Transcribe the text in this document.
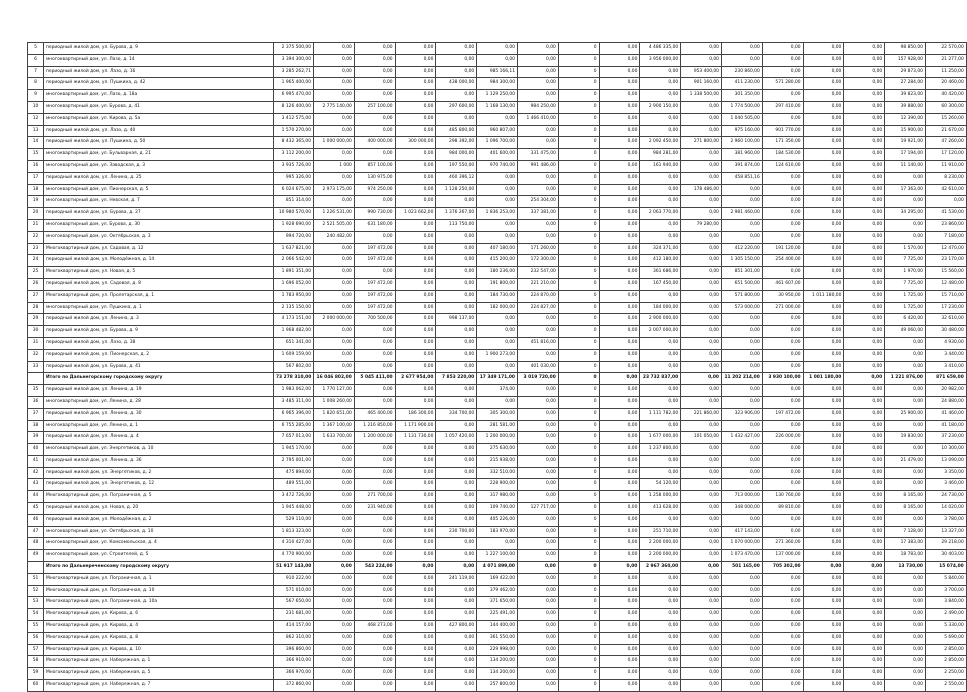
5	периодный жилой дом, ул. Бурова, д. 9	2 375 500,00	0,00	0,00	0,00	0,00	0,00	0,00	0	0,00	4 486 335,00	0,00	0,00	0,00	0,00	0,00	98 850,00	22 570,00
6	многоквартирный дом, ул. Лазо, д. 14	3 394 300,00	0,00	0,00	0,00	0,00	0,00	0,00	0	0,00	3 956 000,00	0,00	0,00	0,00	0,00	0,00	157 928,00	21 277,00
7	периодный жилой дом, ул. Лазо, д. 16	3 285 262,71	0,00	0,00	0,00	0,00	985 166,11	0,00	0	0,00	0,00	953 400,00	230 860,00	0,00	0,00	0,00	29 873,00	11 250,00
8	периодный жилой дом, ул. Пушкина, д. 42	1 965 400,00	0,00	0,00	0,00	438 000,00	984 300,00	0,00	0	0,00	0,00	901 160,00	411 230,00	571 280,00	0,00	0,00	27 284,00	20 460,00
9	многоквартирный дом, ул. Лазо, д. 18а	6 995 470,00	0,00	0,00	0,00	0,00	1 129 250,00	0,00	0	0,00	0,00	1 338 500,00	301 350,00	0,00	0,00	0,00	39 823,00	40 420,00
10	многоквартирный дом, ул. Бурова, д. 41	8 126 400,00	2 775 140,00	257 100,00	0,00	297 600,00	1 168 130,00	984 250,00	0	0,00	2 900 150,00	0,00	1 774 500,00	297 410,00	0,00	0,00	39 880,00	60 300,00
12	многоквартирный дом, ул. Кирова, д. 5а	3 412 575,00	0,00	0,00	0,00	0,00	0,00	1 466 410,00	0	0,00	0,00	0,00	1 040 505,00	0,00	0,00	0,00	12 390,00	15 260,00
13	периодный жилой дом, ул. Лазо, д. 40	1 570 270,00	0,00	0,00	0,00	485 800,00	960 807,00	0,00	0	0,00	0,00	0,00	975 160,00	901 770,00	0,00	0,00	15 900,00	21 670,00
14	периодный жилой дом, ул. Пушкина, д. 50	8 432 365,00	1 000 000,00	400 000,00	300 000,00	298 392,00	1 096 700,00	0,00	0	0,00	2 092 450,00	271 800,00	2 960 100,00	171 350,00	0,00	0,00	19 921,00	47 260,00
15	многоквартирный дом, ул. Бульварная, д. 21	3 112 200,00	0,00	0,00	0,00	984 000,00	401 600,00	331 475,00	0	0,00	984 281,00	0,00	381 960,00	184 530,00	0,00	0,00	17 194,00	17 120,00
16	многоквартирный дом, ул. Заводская, д. 3	3 935 726,00	1 000	857 100,00	0,00	197 550,00	970 740,00	991 486,00	0	0,00	161 940,00	0,00	391 874,00	124 610,00	0,00	0,00	11 140,00	11 910,00
17	периодный жилой дом, ул. Ленина, д. 25	995 326,00	0,00	130 975,00	0,00	460 396,12	0,00	0,00	0	0,00	0,00	0,00	458 851,16	0,00	0,00	0,00	0,00	8 230,00
18	многоквартирный дом, ул. Пионерская, д. 5	6 024 675,00	2 973 175,00	974 250,00	0,00	1 128 250,00	0,00	0,00	0	0,00	0,00	178 486,00	0,00	0,00	0,00	0,00	17 363,00	42 610,00
19	многоквартирный дом, ул. Невская, д. 7	851 314,00	0,00	0,00	0,00	0,00	0,00	254 304,00	0	0,00	0,00	0,00	0,00	0,00	0,00	0,00	0,00	0,00
20	периодный жилой дом, ул. Бурова, д. 27	10 980 570,00	1 226 531,00	990 730,00	1 023 662,00	1 376 267,00	1 836 253,00	337 381,00	0	0,00	2 063 770,00	0,00	2 981 460,00	0,00	0,00	0,00	34 295,00	41 530,00
21	многоквартирный дом, ул. Бурова, д. 30	1 928 690,00	2 521 505,00	631 180,00	0,00	113 750,00	0,00	0,00	0	0,00	0,00	79 280,00	0,00	0,00	0,00	0,00	0,00	23 860,00
22	многоквартирный дом, ул. Октябрьская, д. 3	994 720,00	240 482,00	0,00	0,00	0,00	0,00	0,00	0	0,00	0,00	0,00	0,00	0,00	0,00	0,00	0,00	7 180,00
23	Многоквартирный дом, ул. Садовая, д. 12	1 637 821,00	0,00	197 472,00	0,00	0,00	407 180,00	171 260,00	0	0,00	324 371,00	0,00	412 220,00	191 120,00	0,00	0,00	1 570,00	12 470,00
24	периодный жилой дом, ул. Молодёжная, д. 14	2 066 542,00	0,00	197 472,00	0,00	0,00	415 200,00	172 300,00	0	0,00	412 180,00	0,00	1 305 150,00	254 400,00	0,00	0,00	7 725,00	23 170,00
25	Многоквартирный дом, ул. Новая, д. 5	1 891 351,00	0,00	0,00	0,00	0,00	180 236,00	232 547,00	0	0,00	361 686,00	0,00	851 301,00	0,00	0,00	0,00	1 970,00	15 560,00
26	периодный жилой дом, ул. Садовая, д. 8	1 696 052,00	0,00	197 472,00	0,00	0,00	191 800,00	221 210,00	0	0,00	167 450,00	0,00	651 500,00	461 607,00	0,00	0,00	7 725,00	12 480,00
27	Многоквартирный дом, ул. Пролетарская, д. 1	1 783 950,00	0,00	197 472,00	0,00	0,00	184 730,00	224 870,00	0	0,00	0,00	0,00	571 800,00	30 950,00	1 011 180,00	0,00	1 725,00	15 710,00
28	многоквартирный дом, ул. Пушкина, д. 1	2 135 150,00	0,00	197 472,00	0,00	0,00	182 000,00	224 827,00	0	0,00	184 000,00	0,00	573 000,00	271 000,00	0,00	0,00	1 725,00	17 230,00
29	периодный жилой дом, ул. Ленина, д. 3	4 173 151,00	2 000 000,00	700 500,00	0,00	998 137,00	0,00	0,00	0	0,00	2 900 000,00	0,00	0,00	0,00	0,00	0,00	6 420,00	32 610,00
30	периодный жилой дом, ул. Бурова, д. 9	1 968 482,00	0,00	0,00	0,00	0,00	0,00	0,00	0	0,00	2 007 000,00	0,00	0,00	0,00	0,00	0,00	49 060,00	30 480,00
31	периодный жилой дом, ул. Лазо, д. 38	651 341,00	0,00	0,00	0,00	0,00	0,00	451 816,00	0	0,00	0,00	0,00	0,00	0,00	0,00	0,00	0,00	4 930,00
32	периодный жилой дом, ул. Пионерская, д. 2	1 609 159,00	0,00	0,00	0,00	0,00	1 900 273,00	0,00	0	0,00	0,00	0,00	0,00	0,00	0,00	0,00	0,00	3 440,00
33	периодный жилой дом, ул. Бурова, д. 41	567 802,00	0,00	0,00	0,00	0,00	0,00	401 030,00	0	0,00	0,00	0,00	0,00	0,00	0,00	0,00	0,00	3 410,00
	Итого по Дальнегорскому городскому округу	73 278 310,00	16 046 802,00	5 045 411,00	2 677 954,00	7 853 220,00	17 349 171,00	3 019 720,00	0	0,00	23 732 837,00	0,00	11 202 214,00	3 930 100,00	1 001 180,00	0,00	1 221 876,00	871 659,00
35	периодный жилой дом, ул. Ленина, д. 19	1 983 062,00	1 770 127,00	0,00	0,00	0,00	374,00	0,00	0	0,00	0,00	0,00	0,00	0,00	0,00	0,00	0,00	20 982,00
36	многоквартирный дом, ул. Ленина, д. 28	3 485 311,00	1 008 260,00	0,00	0,00	0,00	0,00	0,00	0	0,00	0,00	0,00	0,00	0,00	0,00	0,00	0,00	24 880,00
37	периодный жилой дом, ул. Ленина, д. 30	6 965 396,00	1 820 651,00	465 400,00	186 300,00	334 700,00	305 300,00	0,00	0	0,00	1 111 782,00	221 860,00	323 906,00	197 472,00	0,00	0,00	25 900,00	41 460,00
38	многоквартирный дом, ул. Ленина, д. 1	6 755 285,00	1 367 100,00	1 216 850,00	1 171 900,00	0,00	281 581,00	0,00	0	0,00	0,00	0,00	0,00	0,00	0,00	0,00	0,00	41 180,00
39	периодный жилой дом, ул. Ленина, д. 4	7 657 013,00	1 633 700,00	1 200 000,00	1 131 730,00	1 057 420,00	1 200 000,00	0,00	0	0,00	1 677 000,00	101 050,00	1 432 427,00	226 000,00	0,00	0,00	19 830,00	37 230,00
40	многоквартирный дом, ул. Энергетиков, д. 10	1 945 170,00	0,00	0,00	0,00	0,00	275 630,00	0,00	0	0,00	1 237 800,00	0,00	0,00	0,00	0,00	0,00	0,00	10 300,00
41	периодный жилой дом, ул. Ленина, д. 36	2 795 001,00	0,00	0,00	0,00	0,00	215 938,00	0,00	0	0,00	0,00	0,00	0,00	0,00	0,00	0,00	21 479,00	13 090,00
42	периодный жилой дом, ул. Энергетиков, д. 2	475 894,00	0,00	0,00	0,00	0,00	332 510,00	0,00	0	0,00	0,00	0,00	0,00	0,00	0,00	0,00	0,00	3 350,00
43	периодный жилой дом, ул. Энергетиков, д. 12	489 551,00	0,00	0,00	0,00	0,00	228 900,00	0,00	0	0,00	54 120,00	0,00	0,00	0,00	0,00	0,00	0,00	3 460,00
44	Многоквартирный дом, ул. Пограничная, д. 5	3 472 726,00	0,00	271 700,00	0,00	0,00	317 980,00	0,00	0	0,00	1 258 000,00	0,00	713 000,00	130 760,00	0,00	0,00	8 165,00	24 730,00
45	периодный жилой дом, ул. Новая, д. 20	1 945 448,00	0,00	231 940,00	0,00	0,00	109 740,00	127 717,00	0	0,00	413 628,00	0,00	348 000,00	89 810,00	0,00	0,00	8 165,00	14 020,00
46	периодный жилой дом, ул. Молодёжная, д. 2	529 110,00	0,00	0,00	0,00	0,00	405 226,00	0,00	0	0,00	0,00	0,00	0,00	0,00	0,00	0,00	0,00	3 780,00
47	многоквартирный дом, ул. Октябрьская, д. 10	1 813 323,00	0,00	0,00	0,00	230 700,00	183 970,00	0,00	0	0,00	251 710,00	0,00	417 143,00	0,00	0,00	0,00	7 128,00	13 327,00
48	многоквартирный дом, ул. Комсомольская, д. 4	4 310 427,00	0,00	0,00	0,00	0,00	0,00	0,00	0	0,00	2 200 000,00	0,00	1 070 000,00	271 360,00	0,00	0,00	17 383,00	29 218,00
49	многоквартирный дом, ул. Строителей, д. 5	4 770 900,00	0,00	0,00	0,00	0,00	1 227 100,00	0,00	0	0,00	2 200 000,00	0,00	1 073 470,00	137 000,00	0,00	0,00	18 783,00	30 403,00
	Итого по Дальнереченскому городскому округу	51 917 143,00	0,00	543 224,00	0,00	0,00	4 071 899,00	0,00	0	0,00	2 967 360,00	0,00	501 165,00	705 302,00	0,00	0,00	13 730,00	15 074,00
51	Многоквартирный дом, ул. Пограничная, д. 1	910 222,00	0,00	0,00	0,00	241 119,00	169 422,00	0,00	0	0,00	0,00	0,00	0,00	0,00	0,00	0,00	0,00	5 840,00
52	Многоквартирный дом, ул. Пограничная, д. 10	571 010,00	0,00	0,00	0,00	0,00	379 462,00	0,00	0	0,00	0,00	0,00	0,00	0,00	0,00	0,00	0,00	3 700,00
53	Многоквартирный дом, ул. Пограничная, д. 10а	567 650,00	0,00	0,00	0,00	0,00	371 650,00	0,00	0	0,00	0,00	0,00	0,00	0,00	0,00	0,00	0,00	3 840,00
54	Многоквартирный дом, ул. Кирова, д. 6	231 681,00	0,00	0,00	0,00	0,00	225 491,00	0,00	0	0,00	0,00	0,00	0,00	0,00	0,00	0,00	0,00	2 490,00
55	Многоквартирный дом, ул. Кирова, д. 4	414 157,00	0,00	468 273,00	0,00	427 800,00	144 400,00	0,00	0	0,00	0,00	0,00	0,00	0,00	0,00	0,00	0,00	5 330,00
56	Многоквартирный дом, ул. Кирова, д. 8	862 310,00	0,00	0,00	0,00	0,00	361 550,00	0,00	0	0,00	0,00	0,00	0,00	0,00	0,00	0,00	0,00	5 690,00
57	Многоквартирный дом, ул. Кирова, д. 10	396 860,00	0,00	0,00	0,00	0,00	229 998,00	0,00	0	0,00	0,00	0,00	0,00	0,00	0,00	0,00	0,00	2 850,00
58	Многоквартирный дом, ул. Набережная, д. 1	366 910,00	0,00	0,00	0,00	0,00	134 200,00	0,00	0	0,00	0,00	0,00	0,00	0,00	0,00	0,00	0,00	2 850,00
59	Многоквартирный дом, ул. Набережная, д. 5	366 970,00	0,00	0,00	0,00	0,00	134 200,00	0,00	0	0,00	0,00	0,00	0,00	0,00	0,00	0,00	0,00	2 250,00
60	Многоквартирный дом, ул. Набережная, д. 7	372 860,00	0,00	0,00	0,00	0,00	257 800,00	0,00	0	0,00	0,00	0,00	0,00	0,00	0,00	0,00	0,00	2 550,00
